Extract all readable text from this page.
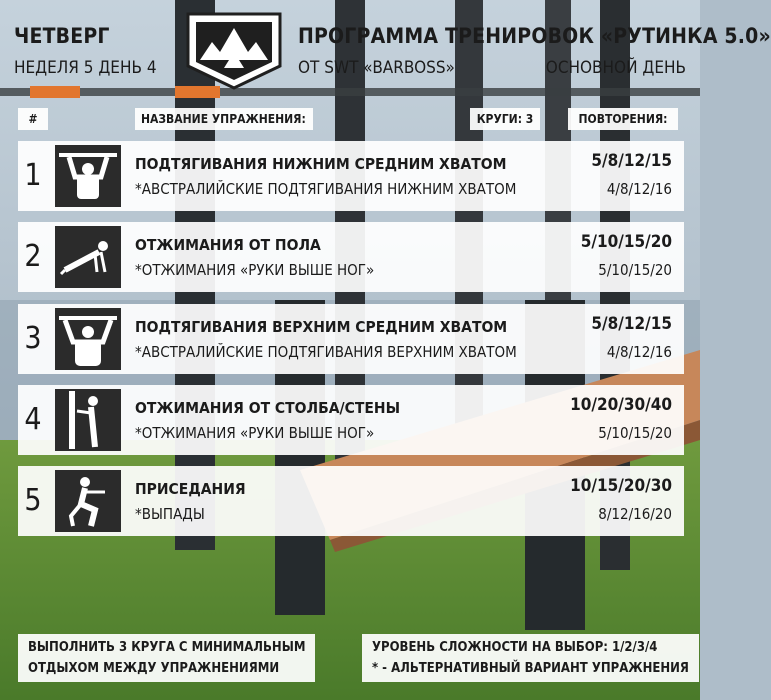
ЧЕТВЕРГ
НЕДЕЛЯ 5 ДЕНЬ 4
ПРОГРАММА ТРЕНИРОВОК «РУТИНКА 5.0»
ОТ SWT «BARBOSS»	ОСНОВНОЙ ДЕНЬ
#	НАЗВАНИЕ УПРАЖНЕНИЯ:	КРУГИ: 3	ПОВТОРЕНИЯ:
1	ПОДТЯГИВАНИЯ НИЖНИМ СРЕДНИМ ХВАТОМ
*АВСТРАЛИЙСКИЕ ПОДТЯГИВАНИЯ НИЖНИМ ХВАТОМ
5/8/12/15
4/8/12/16
2	ОТЖИМАНИЯ ОТ ПОЛА
*ОТЖИМАНИЯ «РУКИ ВЫШЕ НОГ»
5/10/15/20
5/10/15/20
3	ПОДТЯГИВАНИЯ ВЕРХНИМ СРЕДНИМ ХВАТОМ
*АВСТРАЛИЙСКИЕ ПОДТЯГИВАНИЯ ВЕРХНИМ ХВАТОМ
5/8/12/15
4/8/12/16
4	ОТЖИМАНИЯ ОТ СТОЛБА/СТЕНЫ
*ОТЖИМАНИЯ «РУКИ ВЫШЕ НОГ»
10/20/30/40
5/10/15/20
5	ПРИСЕДАНИЯ
*ВЫПАДЫ
10/15/20/30
8/12/16/20
ВЫПОЛНИТЬ 3 КРУГА С МИНИМАЛЬНЫМ
ОТДЫХОМ МЕЖДУ УПРАЖНЕНИЯМИ
УРОВЕНЬ СЛОЖНОСТИ НА ВЫБОР: 1/2/3/4
* - АЛЬТЕРНАТИВНЫЙ ВАРИАНТ УПРАЖНЕНИЯ
